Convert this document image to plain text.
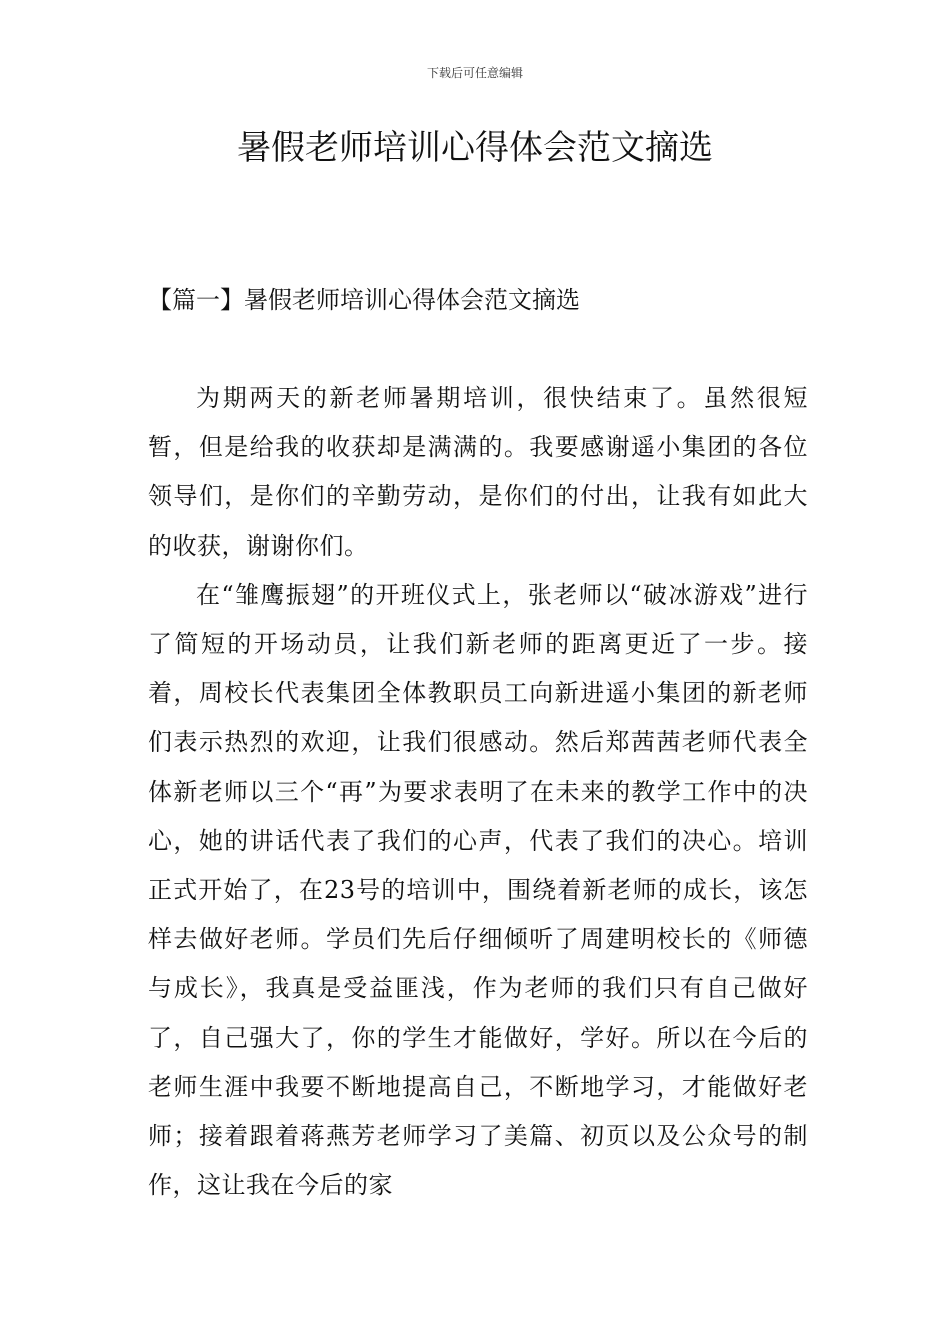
下载后可任意编辑
暑假老师培训心得体会范文摘选
【篇一】暑假老师培训心得体会范文摘选

为期两天的新老师暑期培训，很快结束了。虽然很短暂，但是给我的收获却是满满的。我要感谢遥小集团的各位领导们，是你们的辛勤劳动，是你们的付出，让我有如此大的收获，谢谢你们。

在“雏鹰振翅”的开班仪式上，张老师以“破冰游戏”进行了简短的开场动员，让我们新老师的距离更近了一步。接着，周校长代表集团全体教职员工向新进遥小集团的新老师们表示热烈的欢迎，让我们很感动。然后郑茜茜老师代表全体新老师以三个“再”为要求表明了在未来的教学工作中的决心，她的讲话代表了我们的心声，代表了我们的决心。培训正式开始了，在23号的培训中，围绕着新老师的成长，该怎样去做好老师。学员们先后仔细倾听了周建明校长的《师德与成长》，我真是受益匪浅，作为老师的我们只有自己做好了，自己强大了，你的学生才能做好，学好。所以在今后的老师生涯中我要不断地提高自己，不断地学习，才能做好老师；接着跟着蒋燕芳老师学习了美篇、初页以及公众号的制作，这让我在今后的家
